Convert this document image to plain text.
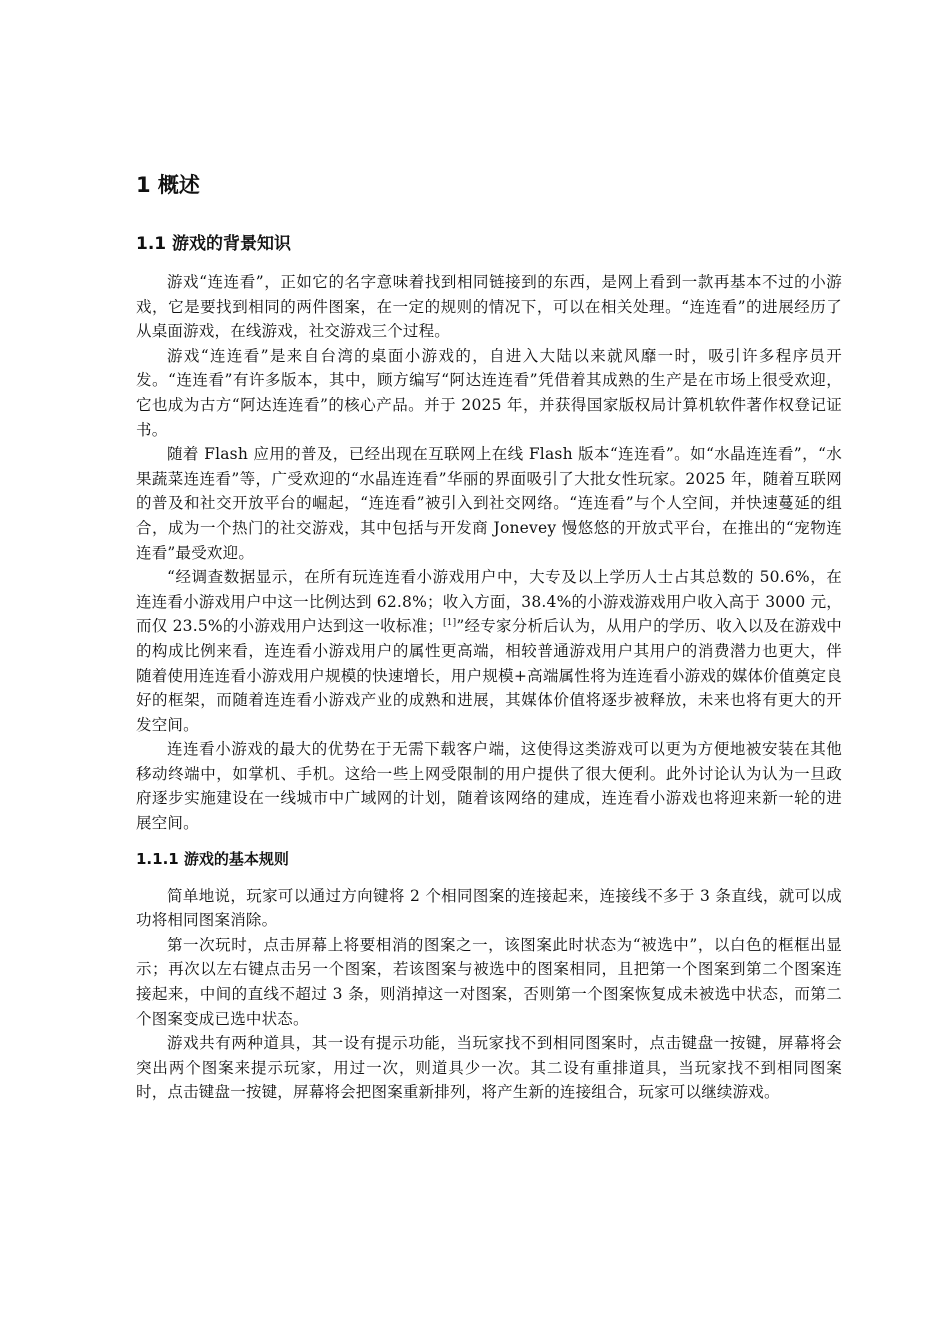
1 概述
1.1 游戏的背景知识

游戏“连连看”，正如它的名字意味着找到相同链接到的东西，是网上看到一款再基本不过的小游戏，它是要找到相同的两件图案，在一定的规则的情况下，可以在相关处理。“连连看”的进展经历了从桌面游戏，在线游戏，社交游戏三个过程。

游戏“连连看”是来自台湾的桌面小游戏的，自进入大陆以来就风靡一时，吸引许多程序员开发。“连连看”有许多版本，其中，顾方编写“阿达连连看”凭借着其成熟的生产是在市场上很受欢迎，它也成为古方“阿达连连看”的核心产品。并于 2025 年，并获得国家版权局计算机软件著作权登记证书。

随着 Flash 应用的普及，已经出现在互联网上在线 Flash 版本“连连看”。如“水晶连连看”，“水果蔬菜连连看”等，广受欢迎的“水晶连连看”华丽的界面吸引了大批女性玩家。2025 年，随着互联网的普及和社交开放平台的崛起，“连连看”被引入到社交网络。“连连看”与个人空间，并快速蔓延的组合，成为一个热门的社交游戏，其中包括与开发商 Jonevey 慢悠悠的开放式平台，在推出的“宠物连连看”最受欢迎。

“经调查数据显示，在所有玩连连看小游戏用户中，大专及以上学历人士占其总数的 50.6%，在连连看小游戏用户中这一比例达到 62.8%；收入方面，38.4%的小游戏游戏用户收入高于 3000 元，而仅 23.5%的小游戏用户达到这一收标准；[1]”经专家分析后认为，从用户的学历、收入以及在游戏中的构成比例来看，连连看小游戏用户的属性更高端，相较普通游戏用户其用户的消费潜力也更大，伴随着使用连连看小游戏用户规模的快速增长，用户规模+高端属性将为连连看小游戏的媒体价值奠定良好的框架，而随着连连看小游戏产业的成熟和进展，其媒体价值将逐步被释放，未来也将有更大的开发空间。

连连看小游戏的最大的优势在于无需下载客户端，这使得这类游戏可以更为方便地被安装在其他移动终端中，如掌机、手机。这给一些上网受限制的用户提供了很大便利。此外讨论认为认为一旦政府逐步实施建设在一线城市中广域网的计划，随着该网络的建成，连连看小游戏也将迎来新一轮的进展空间。

1.1.1 游戏的基本规则

简单地说，玩家可以通过方向键将 2 个相同图案的连接起来，连接线不多于 3 条直线，就可以成功将相同图案消除。

第一次玩时，点击屏幕上将要相消的图案之一，该图案此时状态为“被选中”，以白色的框框出显示；再次以左右键点击另一个图案，若该图案与被选中的图案相同，且把第一个图案到第二个图案连接起来，中间的直线不超过 3 条，则消掉这一对图案，否则第一个图案恢复成未被选中状态，而第二个图案变成已选中状态。

游戏共有两种道具，其一设有提示功能，当玩家找不到相同图案时，点击键盘一按键，屏幕将会突出两个图案来提示玩家，用过一次，则道具少一次。其二设有重排道具，当玩家找不到相同图案时，点击键盘一按键，屏幕将会把图案重新排列，将产生新的连接组合，玩家可以继续游戏。
